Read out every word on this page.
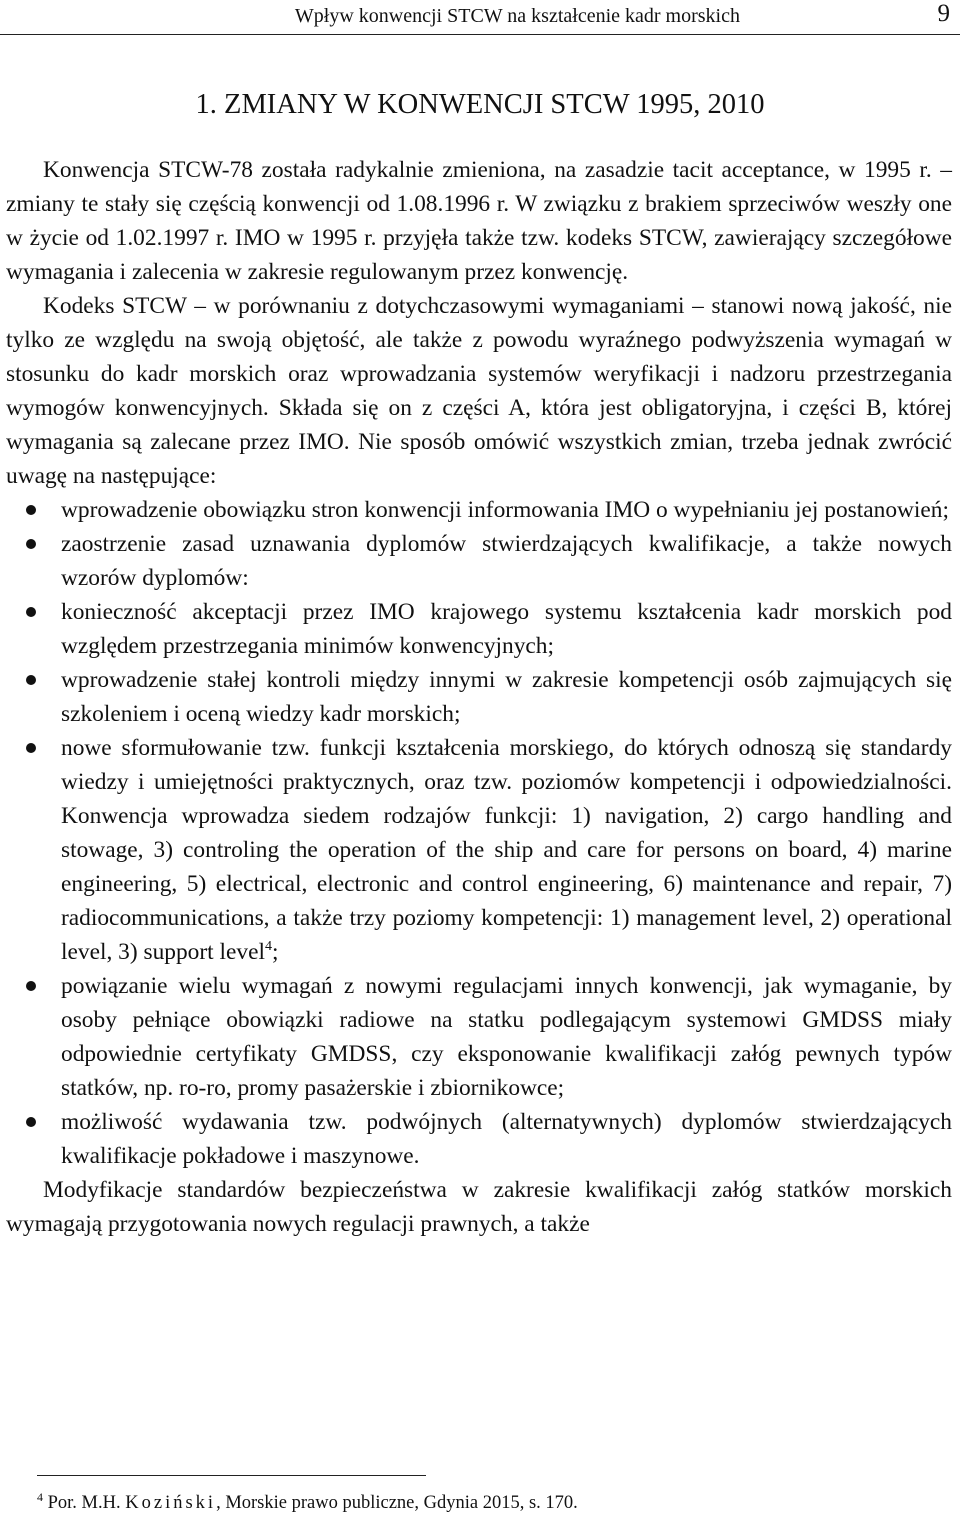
Wpływ konwencji STCW na kształcenie kadr morskich	9
1. ZMIANY W KONWENCJI STCW 1995, 2010

Konwencja STCW-78 została radykalnie zmieniona, na zasadzie tacit acceptance, w 1995 r. – zmiany te stały się częścią konwencji od 1.08.1996 r. W związku z brakiem sprzeciwów weszły one w życie od 1.02.1997 r. IMO w 1995 r. przyjęła także tzw. kodeks STCW, zawierający szczegółowe wymagania i zalecenia w zakresie regulowanym przez konwencję.

Kodeks STCW – w porównaniu z dotychczasowymi wymaganiami – stanowi nową jakość, nie tylko ze względu na swoją objętość, ale także z powodu wyraźnego podwyższenia wymagań w stosunku do kadr morskich oraz wprowadzania systemów weryfikacji i nadzoru przestrzegania wymogów konwencyjnych. Składa się on z części A, która jest obligatoryjna, i części B, której wymagania są zalecane przez IMO. Nie sposób omówić wszystkich zmian, trzeba jednak zwrócić uwagę na następujące:

wprowadzenie obowiązku stron konwencji informowania IMO o wypełnianiu jej postanowień;
zaostrzenie zasad uznawania dyplomów stwierdzających kwalifikacje, a także nowych wzorów dyplomów:
konieczność akceptacji przez IMO krajowego systemu kształcenia kadr morskich pod względem przestrzegania minimów konwencyjnych;
wprowadzenie stałej kontroli między innymi w zakresie kompetencji osób zajmujących się szkoleniem i oceną wiedzy kadr morskich;
nowe sformułowanie tzw. funkcji kształcenia morskiego, do których odnoszą się standardy wiedzy i umiejętności praktycznych, oraz tzw. poziomów kompetencji i odpowiedzialności. Konwencja wprowadza siedem rodzajów funkcji: 1) navigation, 2) cargo handling and stowage, 3) controling the operation of the ship and care for persons on board, 4) marine engineering, 5) electrical, electronic and control engineering, 6) maintenance and repair, 7) radiocommunications, a także trzy poziomy kompetencji: 1) management level, 2) operational level, 3) support level$^4$;
powiązanie wielu wymagań z nowymi regulacjami innych konwencji, jak wymaganie, by osoby pełniące obowiązki radiowe na statku podlegającym systemowi GMDSS miały odpowiednie certyfikaty GMDSS, czy eksponowanie kwalifikacji załóg pewnych typów statków, np. ro-ro, promy pasażerskie i zbiornikowce;
możliwość wydawania tzw. podwójnych (alternatywnych) dyplomów stwierdzających kwalifikacje pokładowe i maszynowe.

Modyfikacje standardów bezpieczeństwa w zakresie kwalifikacji załóg statków morskich wymagają przygotowania nowych regulacji prawnych, a także

$^4$ Por. M.H. Koziński, Morskie prawo publiczne, Gdynia 2015, s. 170.
